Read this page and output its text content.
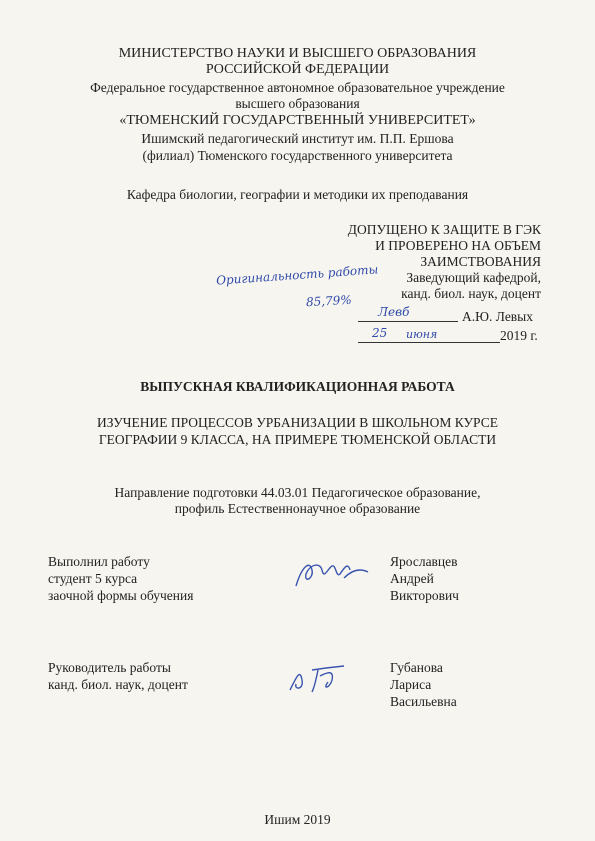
МИНИСТЕРСТВО НАУКИ И ВЫСШЕГО ОБРАЗОВАНИЯ
РОССИЙСКОЙ ФЕДЕРАЦИИ
Федеральное государственное автономное образовательное учреждение
высшего образования
«ТЮМЕНСКИЙ ГОСУДАРСТВЕННЫЙ УНИВЕРСИТЕТ»
Ишимский педагогический институт им. П.П. Ершова
(филиал) Тюменского государственного университета
Кафедра биологии, географии и методики их преподавания
ДОПУЩЕНО К ЗАЩИТЕ В ГЭК
И ПРОВЕРЕНО НА ОБЪЕМ
ЗАИМСТВОВАНИЯ
Заведующий кафедрой,
канд. биол. наук, доцент
Оригинальность работы
85,79%
Левб	А.Ю. Левых
25 июня	2019 г.
ВЫПУСКНАЯ КВАЛИФИКАЦИОННАЯ РАБОТА
ИЗУЧЕНИЕ ПРОЦЕССОВ УРБАНИЗАЦИИ В ШКОЛЬНОМ КУРСЕ
ГЕОГРАФИИ 9 КЛАССА, НА ПРИМЕРЕ ТЮМЕНСКОЙ ОБЛАСТИ
Направление подготовки 44.03.01 Педагогическое образование,
профиль Естественнонаучное образование
Выполнил работу
студент 5 курса
заочной формы обучения
Ярославцев
Андрей
Викторович
Руководитель работы
канд. биол. наук, доцент
Губанова
Лариса
Васильевна
Ишим 2019
